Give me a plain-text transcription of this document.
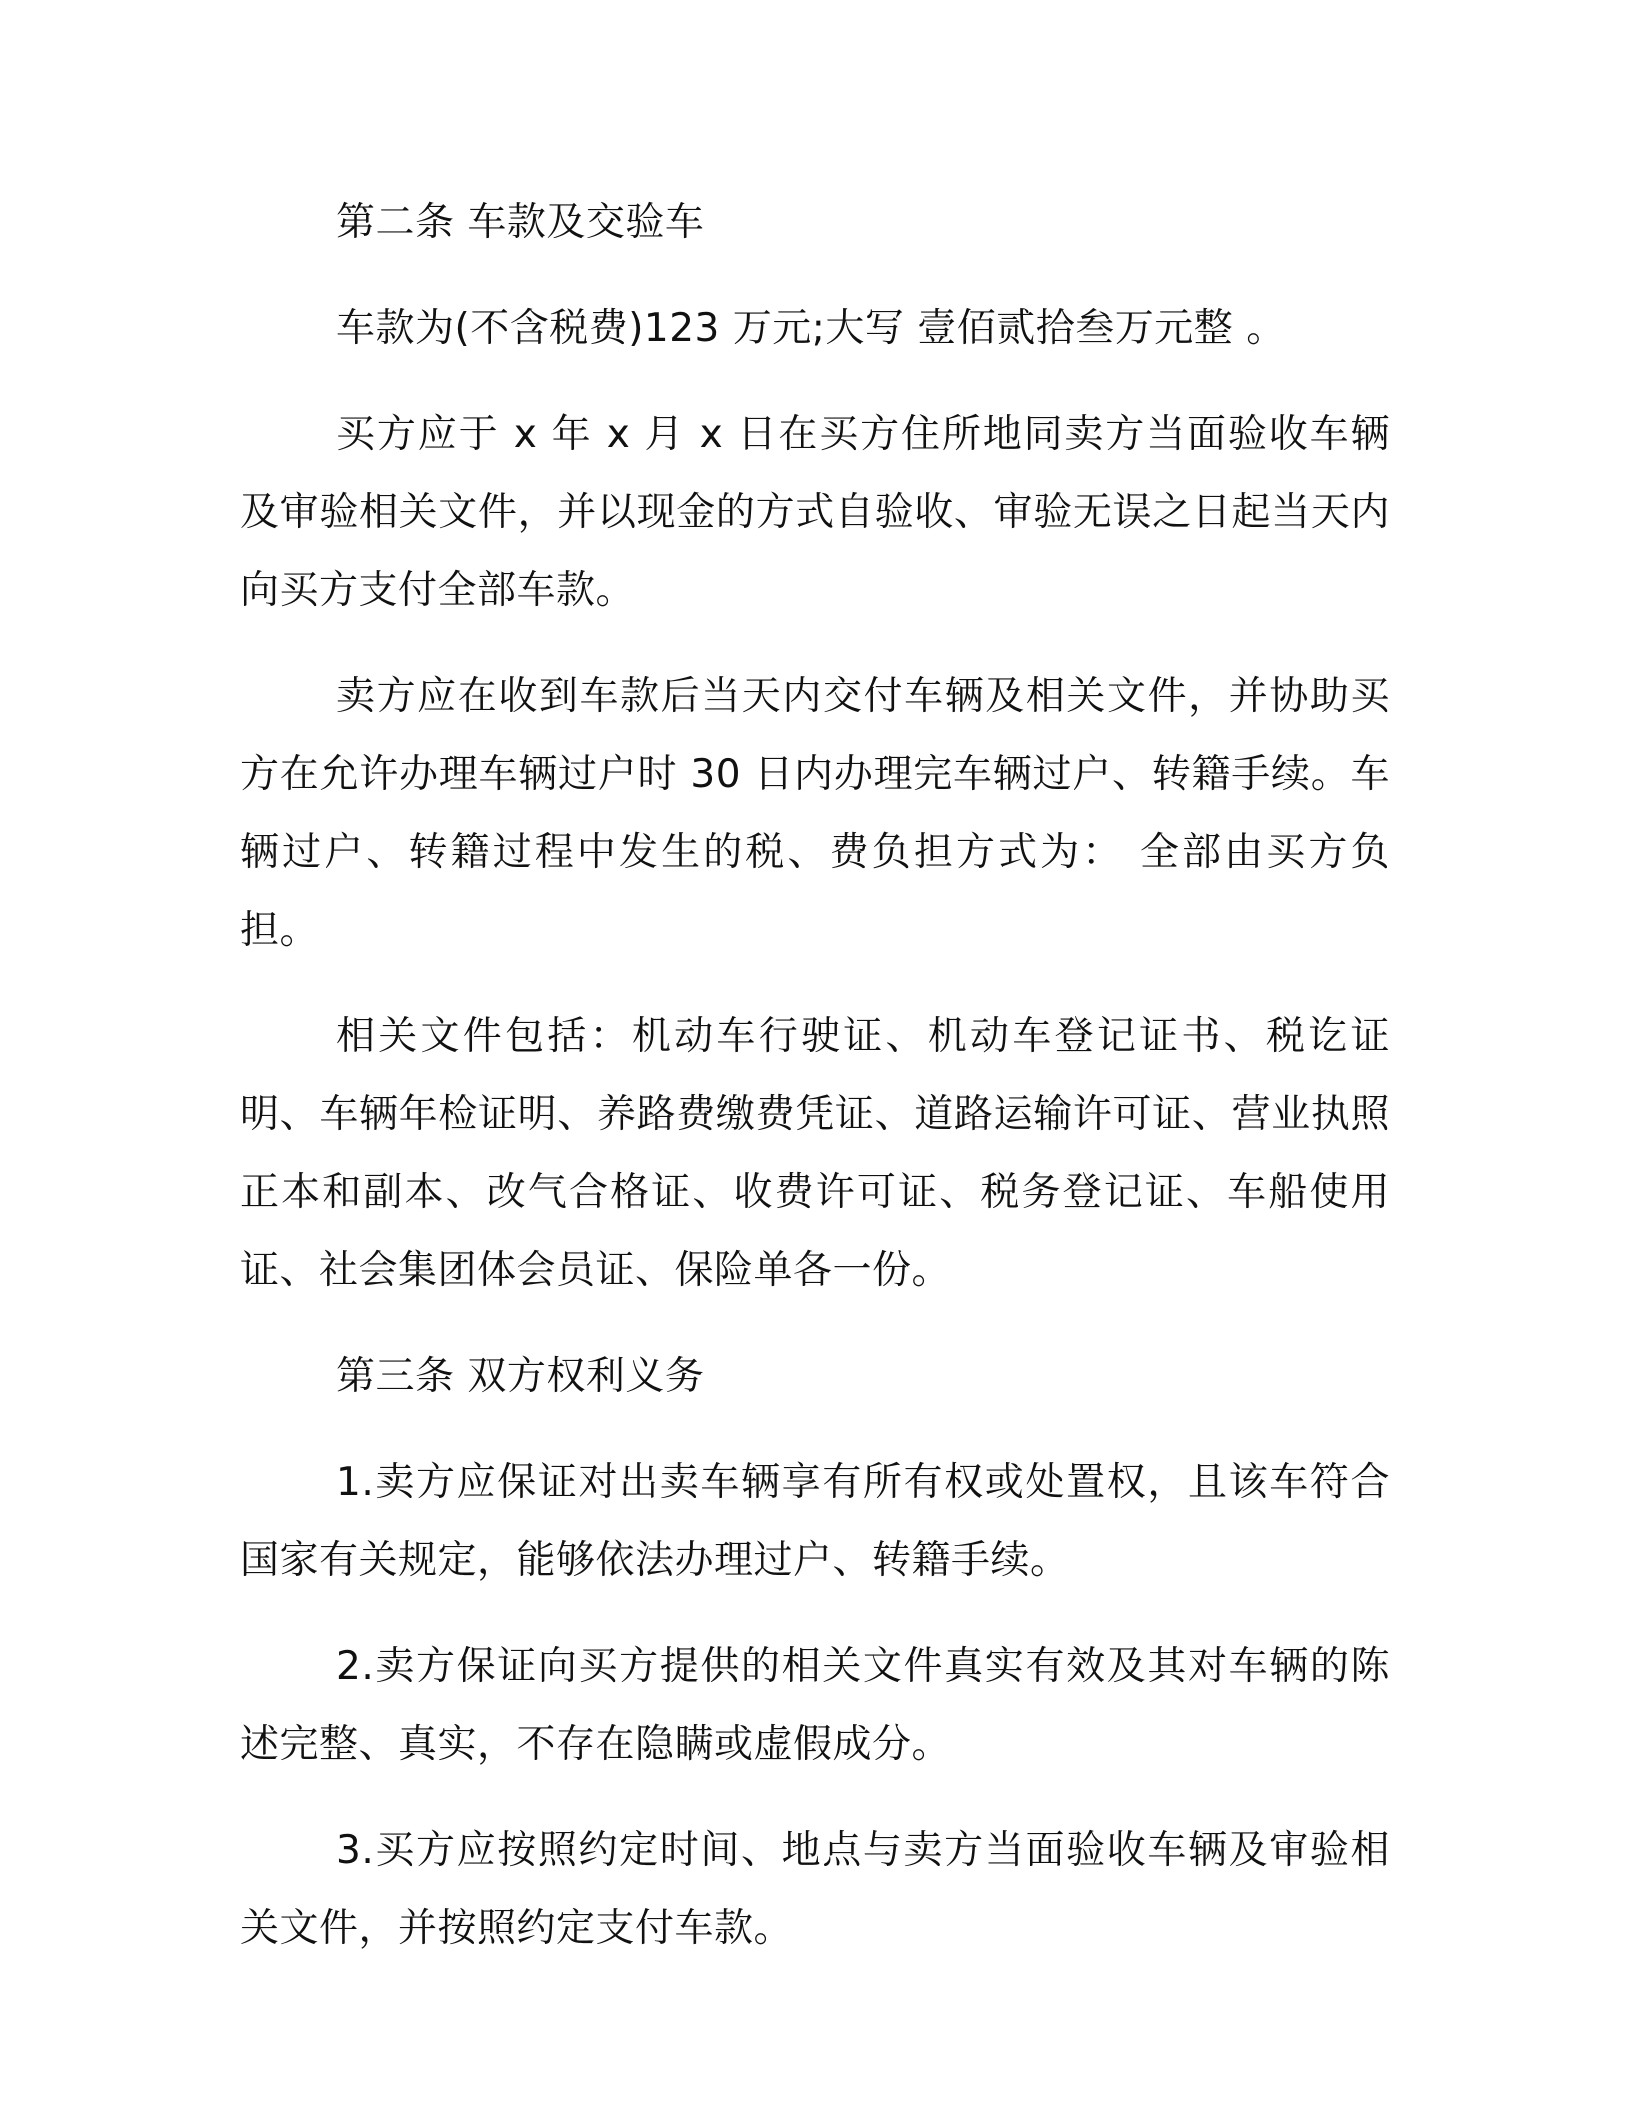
第二条 车款及交验车

车款为(不含税费)123 万元;大写 壹佰贰拾叁万元整 。

买方应于 x 年 x 月 x 日在买方住所地同卖方当面验收车辆及审验相关文件，并以现金的方式自验收、审验无误之日起当天内向买方支付全部车款。

卖方应在收到车款后当天内交付车辆及相关文件，并协助买方在允许办理车辆过户时 30 日内办理完车辆过户、转籍手续。车辆过户、转籍过程中发生的税、费负担方式为： 全部由买方负担。

相关文件包括：机动车行驶证、机动车登记证书、税讫证明、车辆年检证明、养路费缴费凭证、道路运输许可证、营业执照正本和副本、改气合格证、收费许可证、税务登记证、车船使用证、社会集团体会员证、保险单各一份。

第三条 双方权利义务

1.卖方应保证对出卖车辆享有所有权或处置权，且该车符合国家有关规定，能够依法办理过户、转籍手续。

2.卖方保证向买方提供的相关文件真实有效及其对车辆的陈述完整、真实，不存在隐瞒或虚假成分。

3.买方应按照约定时间、地点与卖方当面验收车辆及审验相关文件，并按照约定支付车款。
